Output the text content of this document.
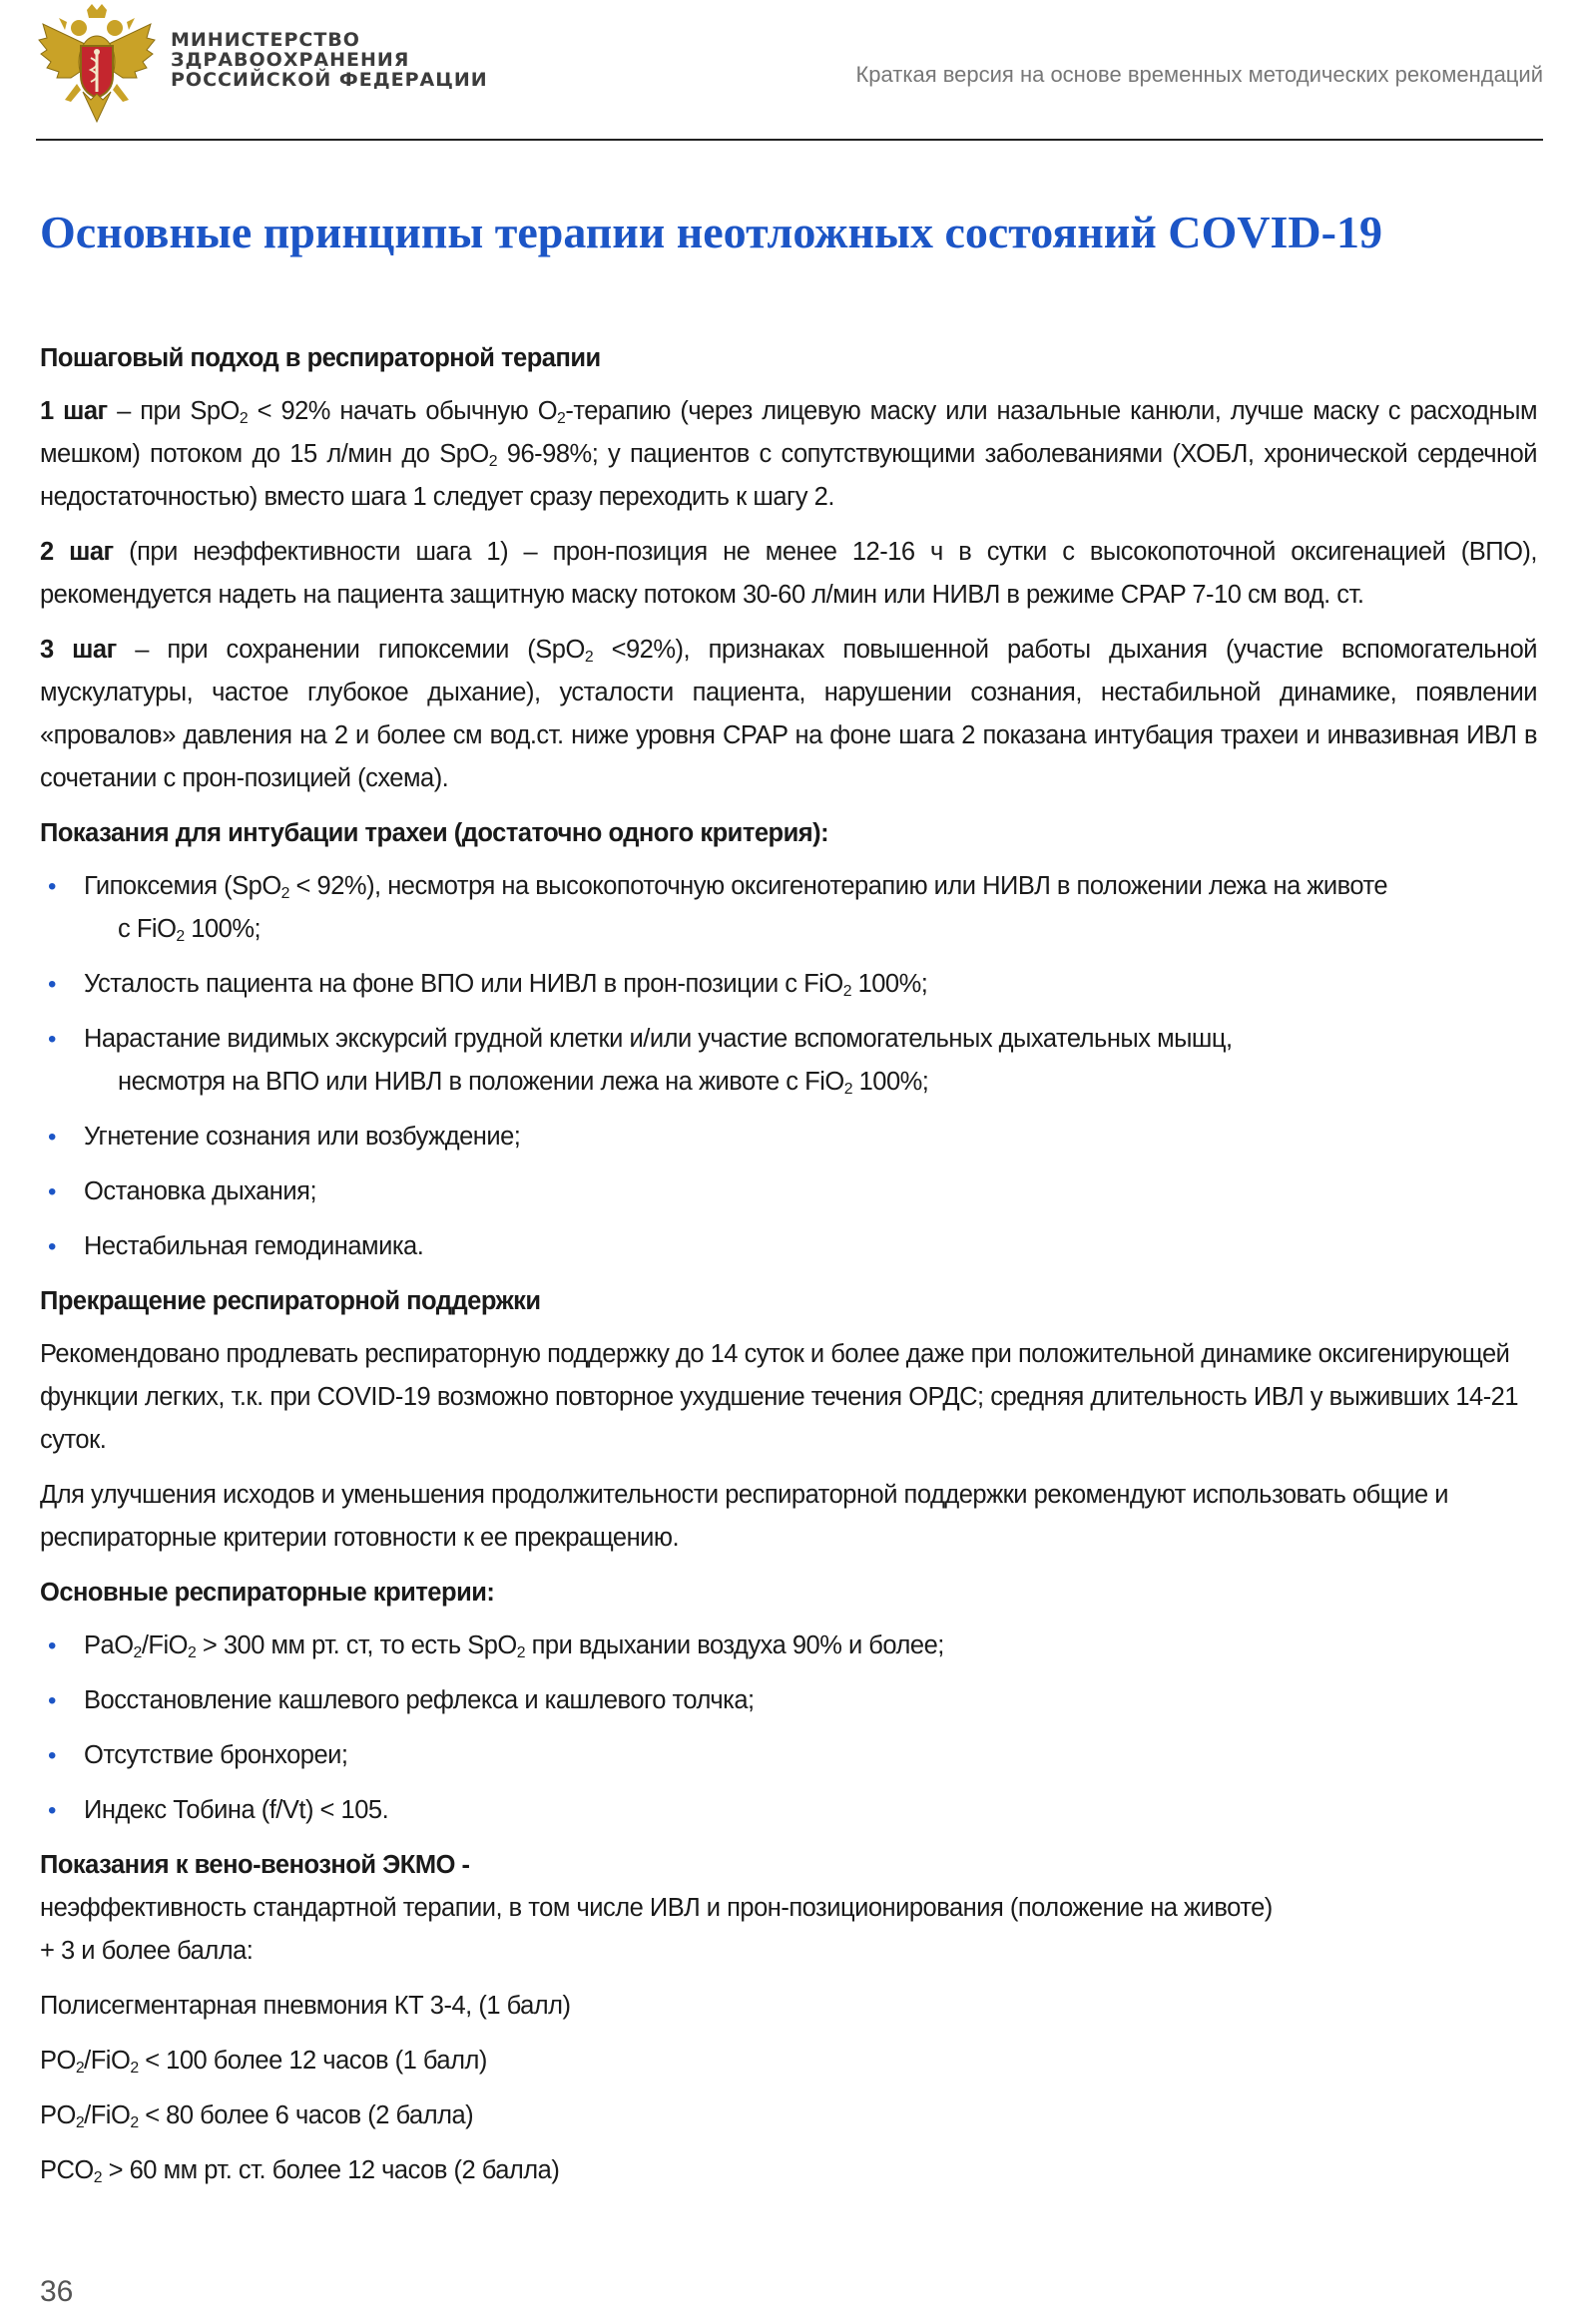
МИНИСТЕРСТВО
ЗДРАВООХРАНЕНИЯ
РОССИЙСКОЙ ФЕДЕРАЦИИ	Краткая версия на основе временных методических рекомендаций
Основные принципы терапии неотложных состояний COVID-19

Пошаговый подход в респираторной терапии

1 шаг – при SpO$_2$ < 92% начать обычную $O_2$-терапию (через лицевую маску или назальные канюли, лучше маску с расходным мешком) потоком до 15 л/мин до SpO$_2$ 96-98%; у пациентов с сопутствующими заболеваниями (ХОБЛ, хронической сердечной недостаточностью) вместо шага 1 следует сразу переходить к шагу 2.

2 шаг (при неэффективности шага 1) – прон-позиция не менее 12-16 ч в сутки с высокопоточной оксигенацией (ВПО), рекомендуется надеть на пациента защитную маску потоком 30-60 л/мин или НИВЛ в режиме CPAP 7-10 см вод. ст.

3 шаг – при сохранении гипоксемии (SpO$_2$ <92%), признаках повышенной работы дыхания (участие вспомогательной мускулатуры, частое глубокое дыхание), усталости пациента, нарушении сознания, нестабильной динамике, появлении «провалов» давления на 2 и более см вод.ст. ниже уровня CPAP на фоне шага 2 показана интубация трахеи и инвазивная ИВЛ в сочетании с прон-позицией (схема).

Показания для интубации трахеи (достаточно одного критерия):

• Гипоксемия (SpO$_2$ < 92%), несмотря на высокопоточную оксигенотерапию или НИВЛ в положении лежа на животе
с FiO$_2$ 100%;
• Усталость пациента на фоне ВПО или НИВЛ в прон-позиции с FiO$_2$ 100%;
• Нарастание видимых экскурсий грудной клетки и/или участие вспомогательных дыхательных мышц,
несмотря на ВПО или НИВЛ в положении лежа на животе с FiO$_2$ 100%;
• Угнетение сознания или возбуждение;
• Остановка дыхания;
• Нестабильная гемодинамика.

Прекращение респираторной поддержки

Рекомендовано продлевать респираторную поддержку до 14 суток и более даже при положительной динамике оксигенирующей функции легких, т.к. при COVID-19 возможно повторное ухудшение течения ОРДС; средняя длительность ИВЛ у выживших 14-21 суток.

Для улучшения исходов и уменьшения продолжительности респираторной поддержки рекомендуют использовать общие и респираторные критерии готовности к ее прекращению.

Основные респираторные критерии:

• PaO$_2$/FiO$_2$ > 300 мм рт. ст, то есть SpO$_2$ при вдыхании воздуха 90% и более;
• Восстановление кашлевого рефлекса и кашлевого толчка;
• Отсутствие бронхореи;
• Индекс Тобина (f/Vt) < 105.

Показания к вено-венозной ЭКМО -
неэффективность стандартной терапии, в том числе ИВЛ и прон-позиционирования (положение на животе)
+ 3 и более балла:

Полисегментарная пневмония КТ 3-4, (1 балл)

$PO_2/FiO_2 < 100$ более 12 часов (1 балл)

$PO_2/FiO_2 < 80$ более 6 часов (2 балла)

$PCO_2 > 60$ мм рт. ст. более 12 часов (2 балла)

36
